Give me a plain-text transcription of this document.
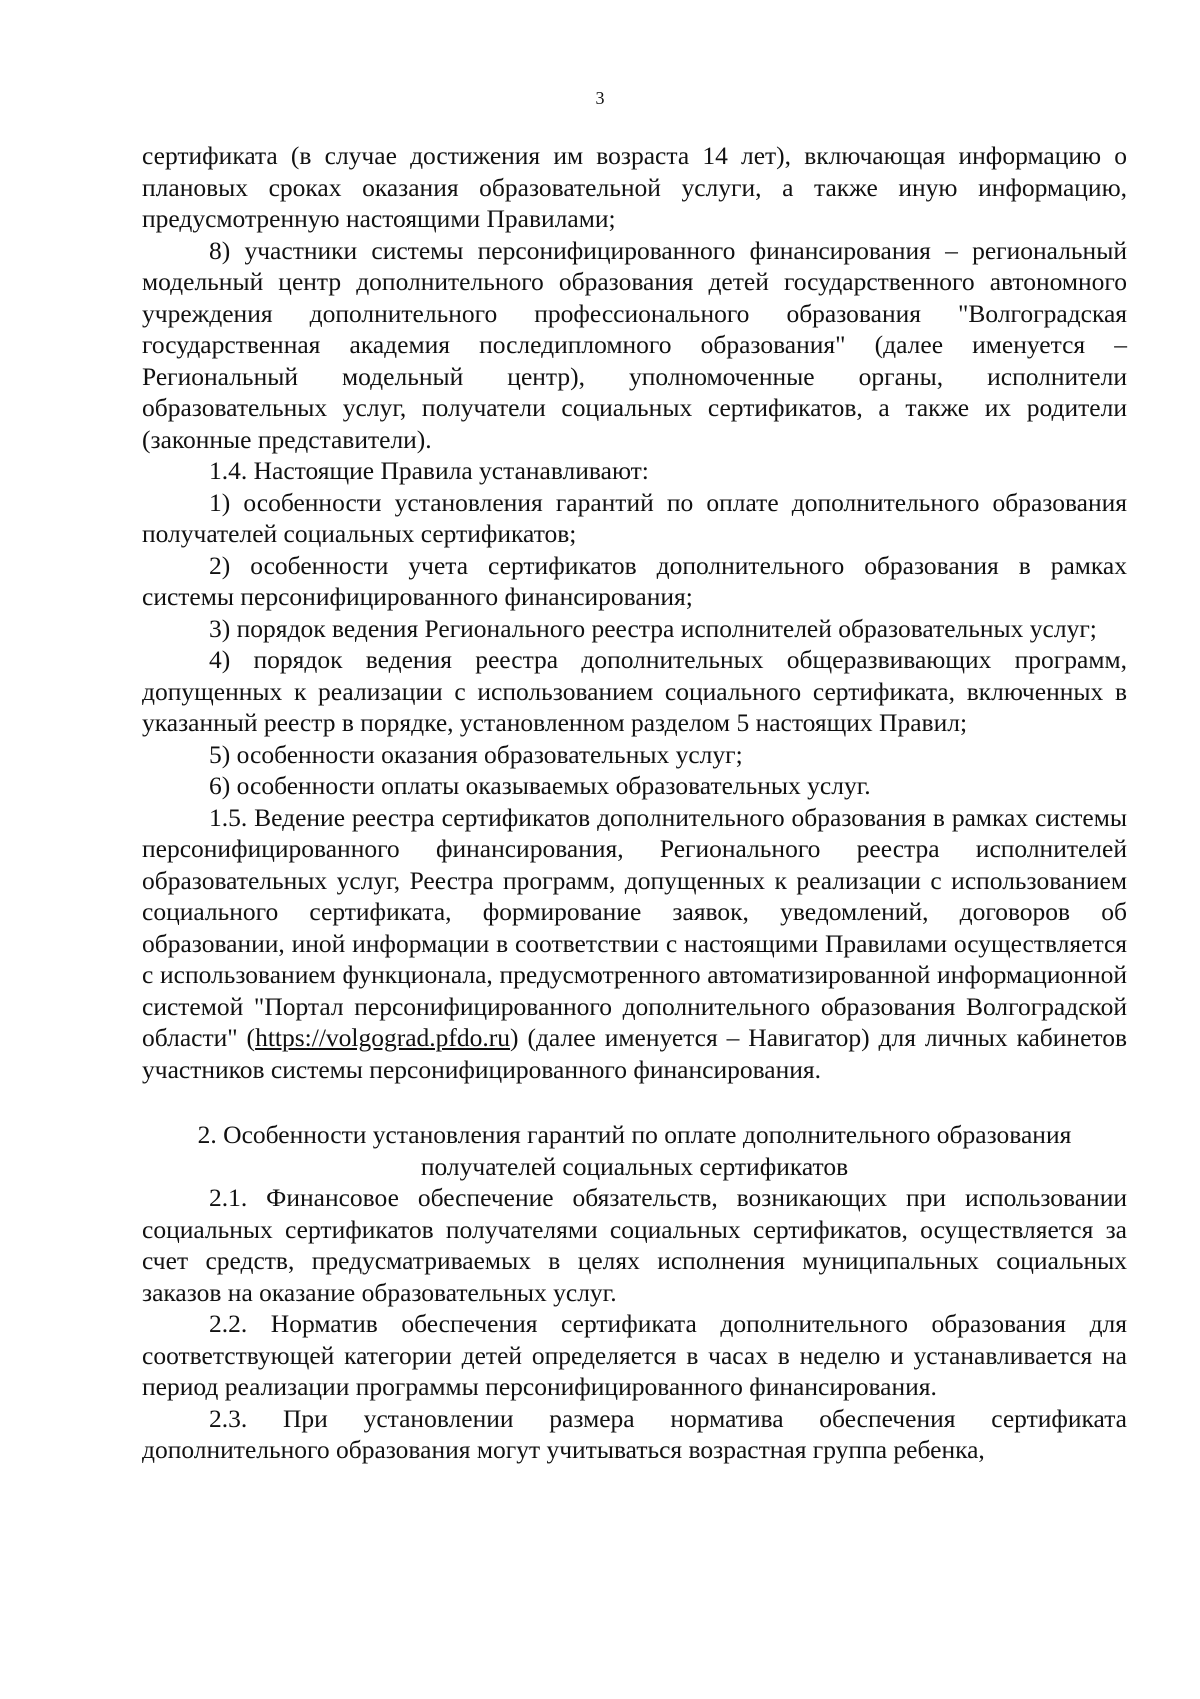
3

сертификата (в случае достижения им возраста 14 лет), включающая информацию о плановых сроках оказания образовательной услуги, а также иную информацию, предусмотренную настоящими Правилами;

8) участники системы персонифицированного финансирования – региональный модельный центр дополнительного образования детей государственного автономного учреждения дополнительного профессионального образования "Волгоградская государственная академия последипломного образования" (далее именуется – Региональный модельный центр), уполномоченные органы, исполнители образовательных услуг, получатели социальных сертификатов, а также их родители (законные представители).

1.4. Настоящие Правила устанавливают:

1) особенности установления гарантий по оплате дополнительного образования получателей социальных сертификатов;

2) особенности учета сертификатов дополнительного образования в рамках системы персонифицированного финансирования;

3) порядок ведения Регионального реестра исполнителей образовательных услуг;

4) порядок ведения реестра дополнительных общеразвивающих программ, допущенных к реализации с использованием социального сертификата, включенных в указанный реестр в порядке, установленном разделом 5 настоящих Правил;

5) особенности оказания образовательных услуг;

6) особенности оплаты оказываемых образовательных услуг.

1.5. Ведение реестра сертификатов дополнительного образования в рамках системы персонифицированного финансирования, Регионального реестра исполнителей образовательных услуг, Реестра программ, допущенных к реализации с использованием социального сертификата, формирование заявок, уведомлений, договоров об образовании, иной информации в соответствии с настоящими Правилами осуществляется с использованием функционала, предусмотренного автоматизированной информационной системой "Портал персонифицированного дополнительного образования Волгоградской области" (https://volgograd.pfdo.ru) (далее именуется – Навигатор) для личных кабинетов участников системы персонифицированного финансирования.

2. Особенности установления гарантий по оплате дополнительного образования
получателей социальных сертификатов

2.1. Финансовое обеспечение обязательств, возникающих при использовании социальных сертификатов получателями социальных сертификатов, осуществляется за счет средств, предусматриваемых в целях исполнения муниципальных социальных заказов на оказание образовательных услуг.

2.2. Норматив обеспечения сертификата дополнительного образования для соответствующей категории детей определяется в часах в неделю и устанавливается на период реализации программы персонифицированного финансирования.

2.3. При установлении размера норматива обеспечения сертификата дополнительного образования могут учитываться возрастная группа ребенка,
